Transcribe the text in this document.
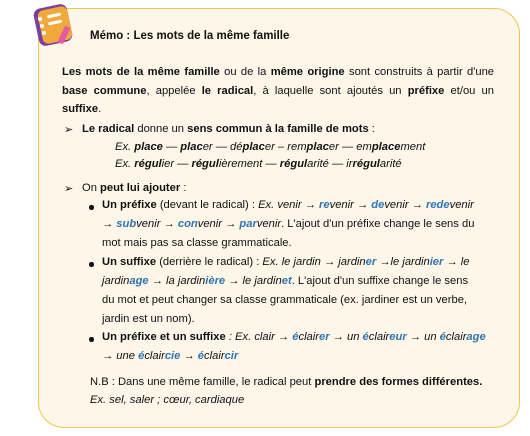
Mémo : Les mots de la même famille
Les mots de la même famille ou de la même origine sont construits à partir d'une base commune, appelée le radical, à laquelle sont ajoutés un préfixe et/ou un suffixe.
➢ Le radical donne un sens commun à la famille de mots :
Ex. place — placer — déplacer – remplacer — emplacement
Ex. régulier — régulièrement — régularité — irrégularité
➢ On peut lui ajouter :
Un préfixe (devant le radical) : Ex. venir → revenir → devenir → redevenir
→ subvenir → convenir → parvenir. L'ajout d'un préfixe change le sens du
mot mais pas sa classe grammaticale.
Un suffixe (derrière le radical) : Ex. le jardin → jardiner →le jardinier → le
jardinage → la jardinière → le jardinet. L'ajout d'un suffixe change le sens
du mot et peut changer sa classe grammaticale (ex. jardiner est un verbe,
jardin est un nom).
Un préfixe et un suffixe : Ex. clair → éclairer → un éclaireur → un éclairage
→ une éclaircie → éclaircir
N.B : Dans une même famille, le radical peut prendre des formes différentes.
Ex. sel, saler ; cœur, cardiaque
